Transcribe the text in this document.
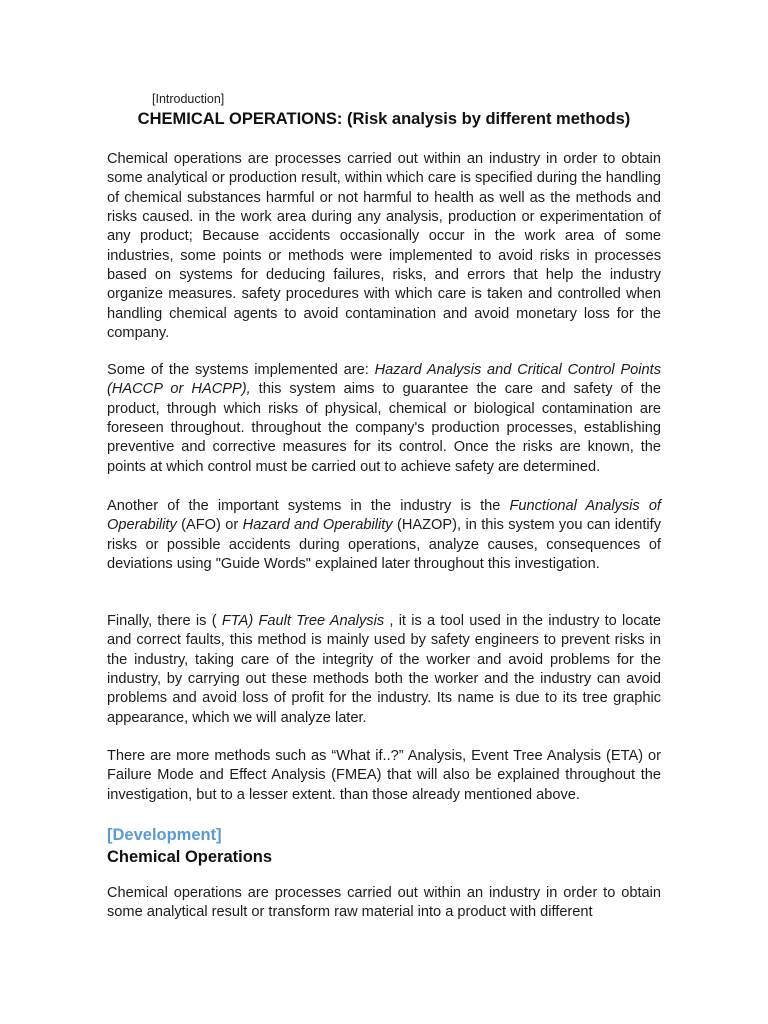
[Introduction]
CHEMICAL OPERATIONS: (Risk analysis by different methods)

Chemical operations are processes carried out within an industry in order to obtain some analytical or production result, within which care is specified during the handling of chemical substances harmful or not harmful to health as well as the methods and risks caused. in the work area during any analysis, production or experimentation of any product; Because accidents occasionally occur in the work area of some industries, some points or methods were implemented to avoid risks in processes based on systems for deducing failures, risks, and errors that help the industry organize measures. safety procedures with which care is taken and controlled when handling chemical agents to avoid contamination and avoid monetary loss for the company.

Some of the systems implemented are: Hazard Analysis and Critical Control Points (HACCP or HACPP), this system aims to guarantee the care and safety of the product, through which risks of physical, chemical or biological contamination are foreseen throughout. throughout the company's production processes, establishing preventive and corrective measures for its control. Once the risks are known, the points at which control must be carried out to achieve safety are determined.

Another of the important systems in the industry is the Functional Analysis of Operability (AFO) or Hazard and Operability (HAZOP), in this system you can identify risks or possible accidents during operations, analyze causes, consequences of deviations using "Guide Words" explained later throughout this investigation.

Finally, there is ( FTA) Fault Tree Analysis , it is a tool used in the industry to locate and correct faults, this method is mainly used by safety engineers to prevent risks in the industry, taking care of the integrity of the worker and avoid problems for the industry, by carrying out these methods both the worker and the industry can avoid problems and avoid loss of profit for the industry. Its name is due to its tree graphic appearance, which we will analyze later.

There are more methods such as “What if..?” Analysis, Event Tree Analysis (ETA) or Failure Mode and Effect Analysis (FMEA) that will also be explained throughout the investigation, but to a lesser extent. than those already mentioned above.

[Development]
Chemical Operations

Chemical operations are processes carried out within an industry in order to obtain some analytical result or transform raw material into a product with different
